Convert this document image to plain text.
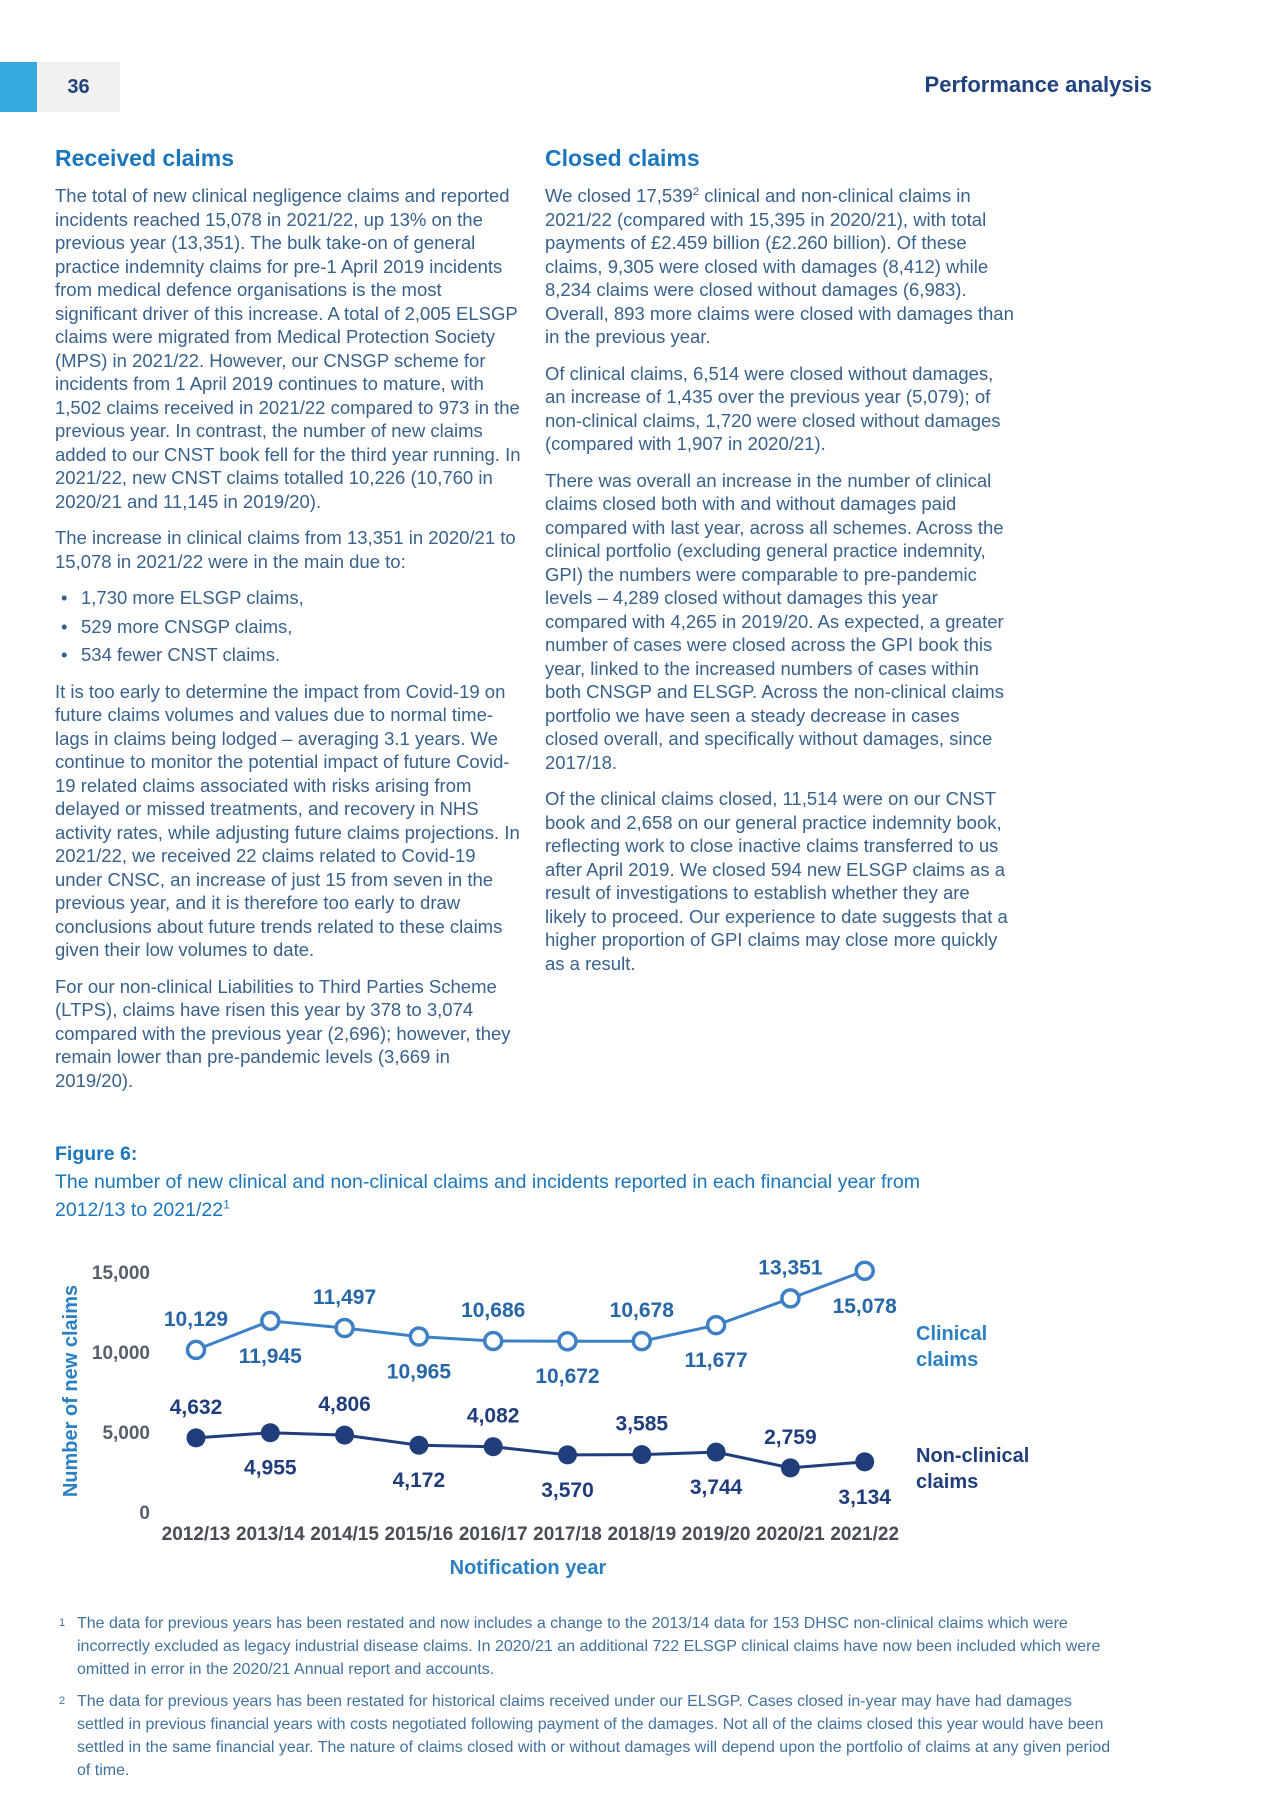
36	Performance analysis
Received claims

The total of new clinical negligence claims and reported incidents reached 15,078 in 2021/22, up 13% on the previous year (13,351). The bulk take-on of general practice indemnity claims for pre-1 April 2019 incidents from medical defence organisations is the most significant driver of this increase. A total of 2,005 ELSGP claims were migrated from Medical Protection Society (MPS) in 2021/22. However, our CNSGP scheme for incidents from 1 April 2019 continues to mature, with 1,502 claims received in 2021/22 compared to 973 in the previous year. In contrast, the number of new claims added to our CNST book fell for the third year running. In 2021/22, new CNST claims totalled 10,226 (10,760 in 2020/21 and 11,145 in 2019/20).

The increase in clinical claims from 13,351 in 2020/21 to 15,078 in 2021/22 were in the main due to:

• 1,730 more ELSGP claims,
• 529 more CNSGP claims,
• 534 fewer CNST claims.

It is too early to determine the impact from Covid-19 on future claims volumes and values due to normal time-lags in claims being lodged – averaging 3.1 years. We continue to monitor the potential impact of future Covid-19 related claims associated with risks arising from delayed or missed treatments, and recovery in NHS activity rates, while adjusting future claims projections. In 2021/22, we received 22 claims related to Covid-19 under CNSC, an increase of just 15 from seven in the previous year, and it is therefore too early to draw conclusions about future trends related to these claims given their low volumes to date.

For our non-clinical Liabilities to Third Parties Scheme (LTPS), claims have risen this year by 378 to 3,074 compared with the previous year (2,696); however, they remain lower than pre-pandemic levels (3,669 in 2019/20).

Closed claims

We closed 17,539$^2$ clinical and non-clinical claims in 2021/22 (compared with 15,395 in 2020/21), with total payments of £2.459 billion (£2.260 billion). Of these claims, 9,305 were closed with damages (8,412) while 8,234 claims were closed without damages (6,983). Overall, 893 more claims were closed with damages than in the previous year.

Of clinical claims, 6,514 were closed without damages, an increase of 1,435 over the previous year (5,079); of non-clinical claims, 1,720 were closed without damages (compared with 1,907 in 2020/21).

There was overall an increase in the number of clinical claims closed both with and without damages paid compared with last year, across all schemes. Across the clinical portfolio (excluding general practice indemnity, GPI) the numbers were comparable to pre-pandemic levels – 4,289 closed without damages this year compared with 4,265 in 2019/20. As expected, a greater number of cases were closed across the GPI book this year, linked to the increased numbers of cases within both CNSGP and ELSGP. Across the non-clinical claims portfolio we have seen a steady decrease in cases closed overall, and specifically without damages, since 2017/18.

Of the clinical claims closed, 11,514 were on our CNST book and 2,658 on our general practice indemnity book, reflecting work to close inactive claims transferred to us after April 2019. We closed 594 new ELSGP claims as a result of investigations to establish whether they are likely to proceed. Our experience to date suggests that a higher proportion of GPI claims may close more quickly as a result.

Figure 6:
The number of new clinical and non-clinical claims and incidents reported in each financial year from 2012/13 to $2021/22^1$
0
5,000
10,000
15,000
2012/13 2013/14 2014/15 2015/16 2016/17 2017/18 2018/19 2019/20 2020/21 2021/22
Number of new claims
Notification year
10,129
11,945
11,497
10,965
10,686
10,672
10,678
11,677
13,351
15,078
Clinical
claims
4,632
4,955
4,806
4,172
4,082
3,570
3,585
3,744
2,759
3,134
Non-clinical
claims
1 The data for previous years has been restated and now includes a change to the 2013/14 data for 153 DHSC non-clinical claims which were incorrectly excluded as legacy industrial disease claims. In 2020/21 an additional 722 ELSGP clinical claims have now been included which were omitted in error in the 2020/21 Annual report and accounts.
2 The data for previous years has been restated for historical claims received under our ELSGP. Cases closed in-year may have had damages settled in previous financial years with costs negotiated following payment of the damages. Not all of the claims closed this year would have been settled in the same financial year. The nature of claims closed with or without damages will depend upon the portfolio of claims at any given period of time.
